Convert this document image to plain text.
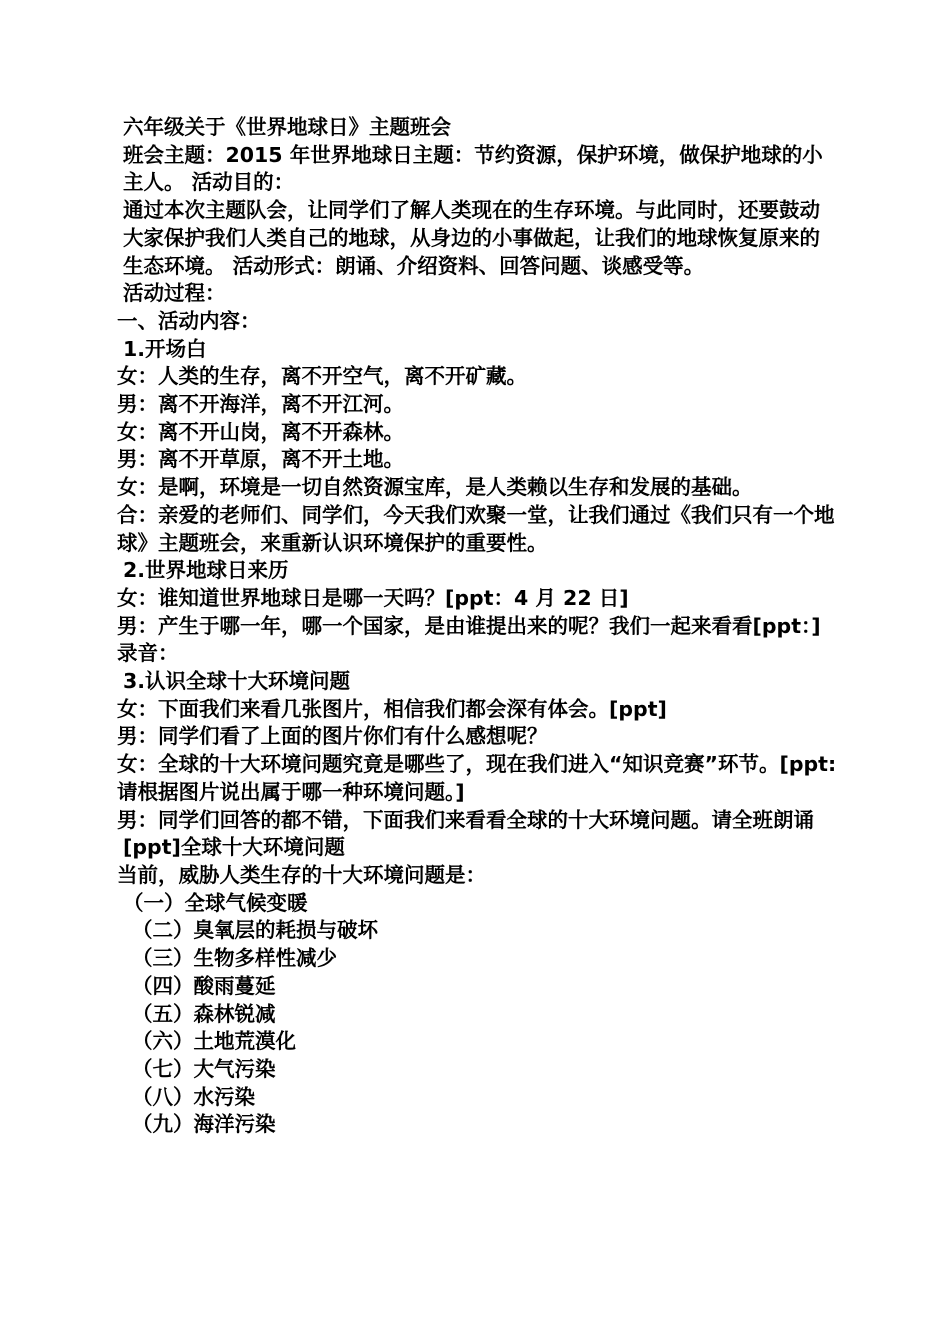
六年级关于《世界地球日》主题班会
班会主题：2015 年世界地球日主题：节约资源，保护环境，做保护地球的小主人。 活动目的：
通过本次主题队会，让同学们了解人类现在的生存环境。与此同时，还要鼓动大家保护我们人类自己的地球，从身边的小事做起，让我们的地球恢复原来的生态环境。 活动形式：朗诵、介绍资料、回答问题、谈感受等。
活动过程：
一、活动内容：
1.开场白
女：人类的生存，离不开空气，离不开矿藏。
男：离不开海洋，离不开江河。
女：离不开山岗，离不开森林。
男：离不开草原，离不开土地。
女：是啊，环境是一切自然资源宝库，是人类赖以生存和发展的基础。
合：亲爱的老师们、同学们，今天我们欢聚一堂，让我们通过《我们只有一个地球》主题班会，来重新认识环境保护的重要性。
2.世界地球日来历
女：谁知道世界地球日是哪一天吗？[ppt：4 月 22 日]
男：产生于哪一年，哪一个国家，是由谁提出来的呢？我们一起来看看[ppt：] 录音：
3.认识全球十大环境问题
女：下面我们来看几张图片，相信我们都会深有体会。[ppt]
男：同学们看了上面的图片你们有什么感想呢？
女：全球的十大环境问题究竟是哪些了，现在我们进入“知识竞赛”环节。[ppt:请根据图片说出属于哪一种环境问题。]
男：同学们回答的都不错，下面我们来看看全球的十大环境问题。请全班朗诵
[ppt]全球十大环境问题
当前，威胁人类生存的十大环境问题是：
（一）全球气候变暖
（二）臭氧层的耗损与破坏
（三）生物多样性减少
（四）酸雨蔓延
（五）森林锐减
（六）土地荒漠化
（七）大气污染
（八）水污染
（九）海洋污染
